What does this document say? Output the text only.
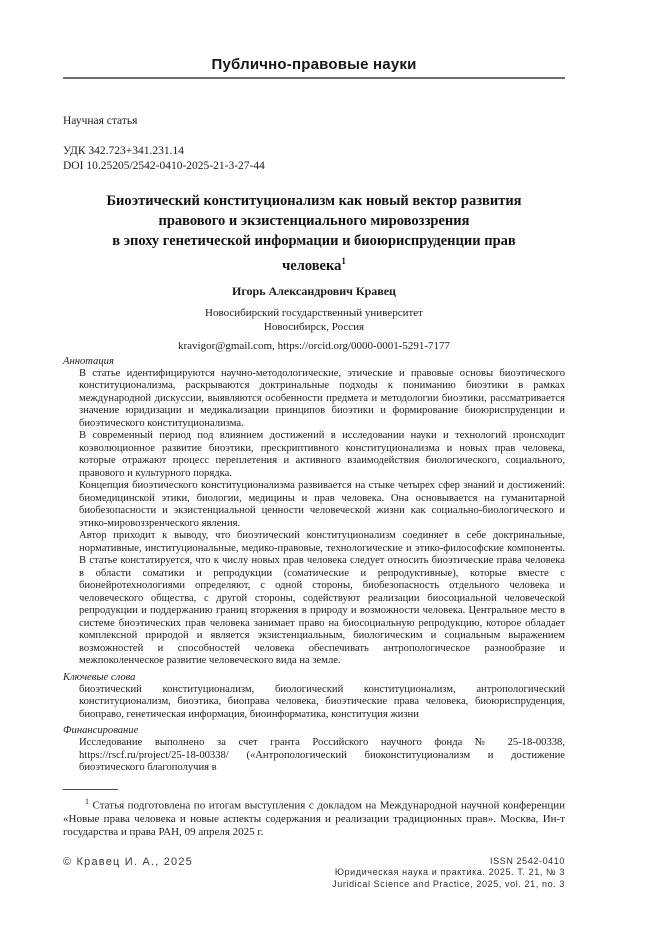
Публично-правовые науки
Научная статья
УДК 342.723+341.231.14
DOI 10.25205/2542-0410-2025-21-3-27-44
Биоэтический конституционализм как новый вектор развития
правового и экзистенциального мировоззрения
в эпоху генетической информации и биоюриспруденции прав
человека$^1$
Игорь Александрович Кравец
Новосибирский государственный университет
Новосибирск, Россия
kravigor@gmail.com, https://orcid.org/0000-0001-5291-7177
Аннотация

В статье идентифицируются научно-методологические, этические и правовые основы биоэтического конституционализма, раскрываются доктринальные подходы к пониманию биоэтики в рамках международной дискуссии, выявляются особенности предмета и методологии биоэтики, рассматривается значение юридизации и медикализации принципов биоэтики и формирование биоюриспруденции и биоэтического конституционализма.

В современный период под влиянием достижений в исследовании науки и технологий происходит коэволюционное развитие биоэтики, прескриптивного конституционализма и новых прав человека, которые отражают процесс переплетения и активного взаимодействия биологического, социального, правового и культурного порядка.

Концепция биоэтического конституционализма развивается на стыке четырех сфер знаний и достижений: биомедицинской этики, биологии, медицины и прав человека. Она основывается на гуманитарной биобезопасности и экзистенциальной ценности человеческой жизни как социально-биологического и этико-мировоззренческого явления.

Автор приходит к выводу, что биоэтический конституционализм соединяет в себе доктринальные, нормативные, институциональные, медико-правовые, технологические и этико-философские компоненты. В статье констатируется, что к числу новых прав человека следует относить биоэтические права человека в области соматики и репродукции (соматические и репродуктивные), которые вместе с бионейротехнологиями определяют, с одной стороны, биобезопасность отдельного человека и человеческого общества, с другой стороны, содействуют реализации биосоциальной человеческой репродукции и поддержанию границ вторжения в природу и возможности человека. Центральное место в системе биоэтических прав человека занимает право на биосоциальную репродукцию, которое обладает комплексной природой и является экзистенциальным, биологическим и социальным выражением возможностей и способностей человека обеспечивать антропологическое разнообразие и межпоколенческое развитие человеческого вида на земле.

Ключевые слова

биоэтический конституционализм, биологический конституционализм, антропологический конституционализм, биоэтика, биоправа человека, биоэтические права человека, биоюриспруденция, биоправо, генетическая информация, биоинформатика, конституция жизни

Финансирование

Исследование выполнено за счет гранта Российского научного фонда № 25-18-00338, https://rscf.ru/project/25-18-00338/ («Антропологический биоконституционализм и достижение биоэтического благополучия в

$^1$ Статья подготовлена по итогам выступления с докладом на Международной научной конференции «Новые права человека и новые аспекты содержания и реализации традиционных прав». Москва, Ин-т государства и права РАН, 09 апреля 2025 г.

© Кравец И. А., 2025	ISSN 2542-0410
Юридическая наука и практика. 2025. Т. 21, № 3
Juridical Science and Practice, 2025, vol. 21, no. 3
